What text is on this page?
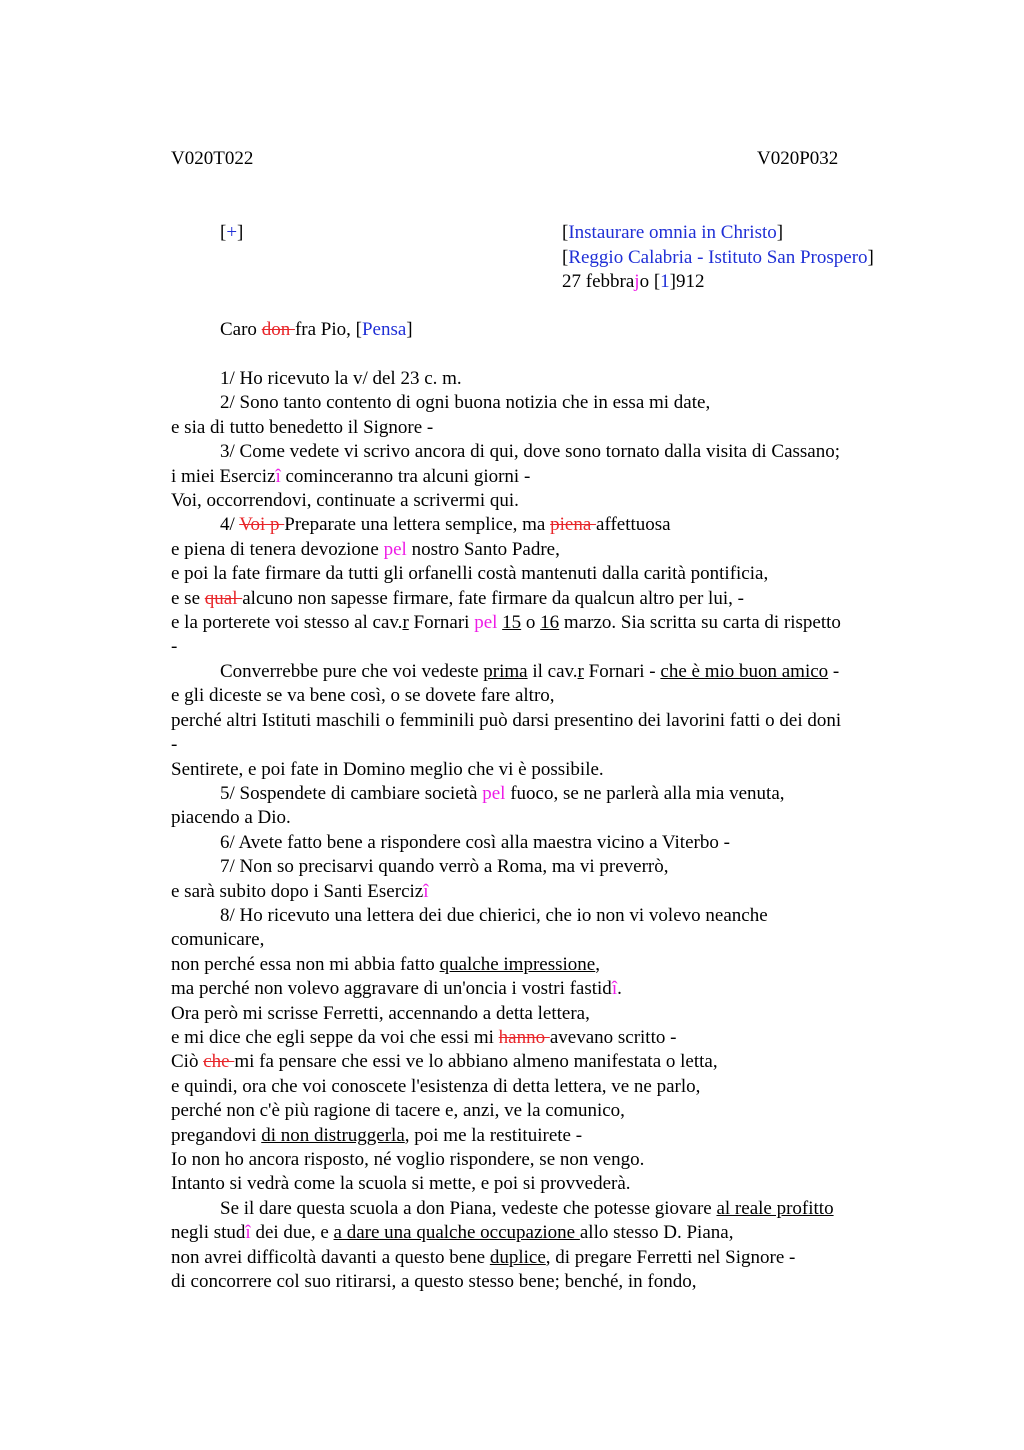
V020T022	V020P032
[+]	[Instaurare omnia in Christo]
[Reggio Calabria - Istituto San Prospero]
27 febbrajo [1]912
Caro don fra Pio, [Pensa]

1/ Ho ricevuto la v/ del 23 c. m.

2/ Sono tanto contento di ogni buona notizia che in essa mi date,

e sia di tutto benedetto il Signore -

3/ Come vedete vi scrivo ancora di qui, dove sono tornato dalla visita di Cassano;

i miei Esercizî cominceranno tra alcuni giorni -

Voi, occorrendovi, continuate a scrivermi qui.

4/ Voi p Preparate una lettera semplice, ma piena affettuosa

e piena di tenera devozione pel nostro Santo Padre,

e poi la fate firmare da tutti gli orfanelli costà mantenuti dalla carità pontificia,

e se qual alcuno non sapesse firmare, fate firmare da qualcun altro per lui, -

e la porterete voi stesso al cav.r Fornari pel 15 o 16 marzo. Sia scritta su carta di rispetto

-

Converrebbe pure che voi vedeste prima il cav.r Fornari - che è mio buon amico -

e gli diceste se va bene così, o se dovete fare altro,

perché altri Istituti maschili o femminili può darsi presentino dei lavorini fatti o dei doni

-

Sentirete, e poi fate in Domino meglio che vi è possibile.

5/ Sospendete di cambiare società pel fuoco, se ne parlerà alla mia venuta,

piacendo a Dio.

6/ Avete fatto bene a rispondere così alla maestra vicino a Viterbo -

7/ Non so precisarvi quando verrò a Roma, ma vi preverrò,

e sarà subito dopo i Santi Esercizî

8/ Ho ricevuto una lettera dei due chierici, che io non vi volevo neanche

comunicare,

non perché essa non mi abbia fatto qualche impressione,

ma perché non volevo aggravare di un'oncia i vostri fastidî.

Ora però mi scrisse Ferretti, accennando a detta lettera,

e mi dice che egli seppe da voi che essi mi hanno avevano scritto -

Ciò che mi fa pensare che essi ve lo abbiano almeno manifestata o letta,

e quindi, ora che voi conoscete l'esistenza di detta lettera, ve ne parlo,

perché non c'è più ragione di tacere e, anzi, ve la comunico,

pregandovi di non distruggerla, poi me la restituirete -

Io non ho ancora risposto, né voglio rispondere, se non vengo.

Intanto si vedrà come la scuola si mette, e poi si provvederà.

Se il dare questa scuola a don Piana, vedeste che potesse giovare al reale profitto

negli studî dei due, e a dare una qualche occupazione allo stesso D. Piana,

non avrei difficoltà davanti a questo bene duplice, di pregare Ferretti nel Signore -

di concorrere col suo ritirarsi, a questo stesso bene; benché, in fondo,
